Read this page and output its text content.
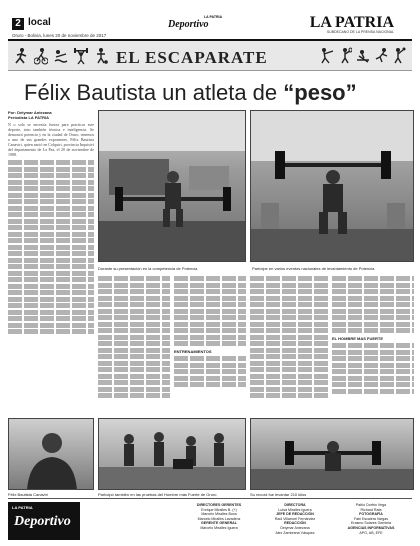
2 local
Oruro - Bolivia, lunes 20 de noviembre de 2017
LA PATRIA
Deportivo	LA PATRIA
SUBDECANO DE LA PRENSA NACIONAL
EL ESCAPARATE
Félix Bautista un atleta de “peso”
Por: Delymar Antezana
Periodista LA PATRIA
N o solo se necesita fuerza para practicar este deporte, sino también técnica e inteligencia. Se demostró potencia y en la ciudad de Oruro, tenemos a uno de sus grandes exponentes, Félix Bautista Canaviri, quien nació en Colquiri, provincia Inquisivi del departamento de La Paz, el 20 de noviembre de 1988.
Durante su presentación en la competencia de Potencia	Partícipe en varios eventos nacionales de levantamiento de Potencia
ENTRENAMIENTOS
EL HOMBRE MAS FUERTE
Félix Bautista Canaviri	Partícipó también en las pruebas del Hombre más Fuerte de Oruro	Su record fue levantar 210 kilos
LA PATRIA
Deportivo
DIRECTORES GERENTES
Enrique Miralles B. (+)
Marcelo Miralles Bova
Marcelo Miralles Lavadenz
GERENTE GENERAL
Marcelo Miralles Iguera
DIRECTORA
Luisa Miralles Iguera
JEFE DE REDACCIÓN
Raúl Villarroel Fernández
REDACCIÓN
Delymar Antezana
Alex Zambrana Vásquez
Pablo Dorfrio Vega
Richard Rafa
FOTOGRAFÍA
Fabi Escalera Vargas
Erasmo Solares Gemiela
AGENCIAS INFORMATIVAS
APG, AB, EFE
